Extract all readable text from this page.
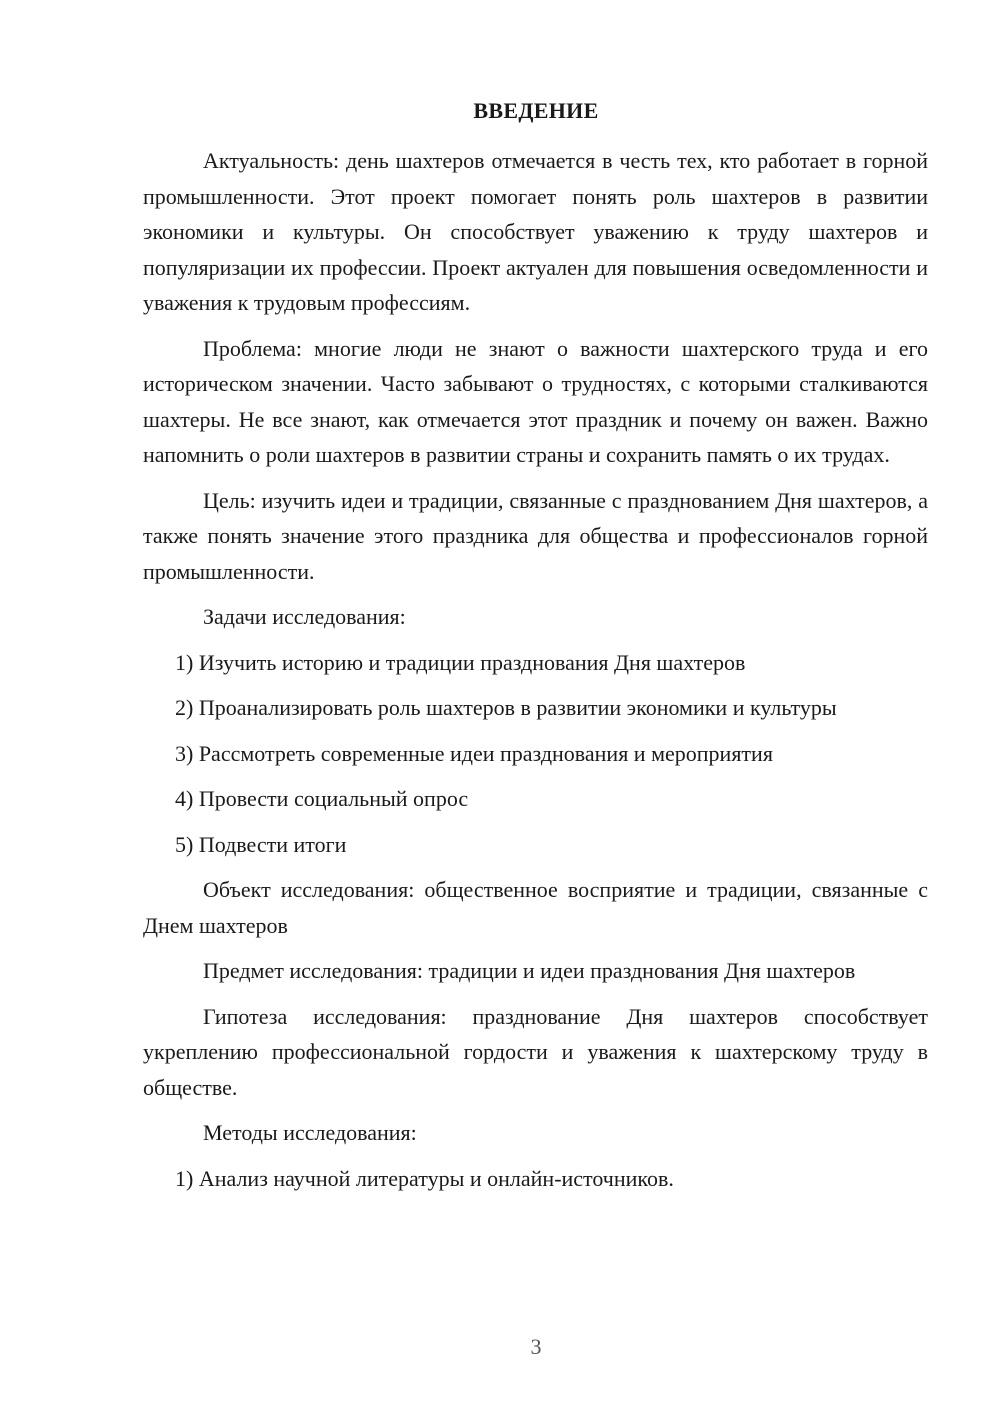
ВВЕДЕНИЕ

Актуальность: день шахтеров отмечается в честь тех, кто работает в горной промышленности. Этот проект помогает понять роль шахтеров в развитии экономики и культуры. Он способствует уважению к труду шахтеров и популяризации их профессии. Проект актуален для повышения осведомленности и уважения к трудовым профессиям.

Проблема: многие люди не знают о важности шахтерского труда и его историческом значении. Часто забывают о трудностях, с которыми сталкиваются шахтеры. Не все знают, как отмечается этот праздник и почему он важен. Важно напомнить о роли шахтеров в развитии страны и сохранить память о их трудах.

Цель: изучить идеи и традиции, связанные с празднованием Дня шахтеров, а также понять значение этого праздника для общества и профессионалов горной промышленности.

Задачи исследования:

1) Изучить историю и традиции празднования Дня шахтеров

2) Проанализировать роль шахтеров в развитии экономики и культуры

3) Рассмотреть современные идеи празднования и мероприятия

4) Провести социальный опрос

5) Подвести итоги

Объект исследования: общественное восприятие и традиции, связанные с Днем шахтеров

Предмет исследования: традиции и идеи празднования Дня шахтеров

Гипотеза исследования: празднование Дня шахтеров способствует укреплению профессиональной гордости и уважения к шахтерскому труду в обществе.

Методы исследования:

1) Анализ научной литературы и онлайн-источников.

3
